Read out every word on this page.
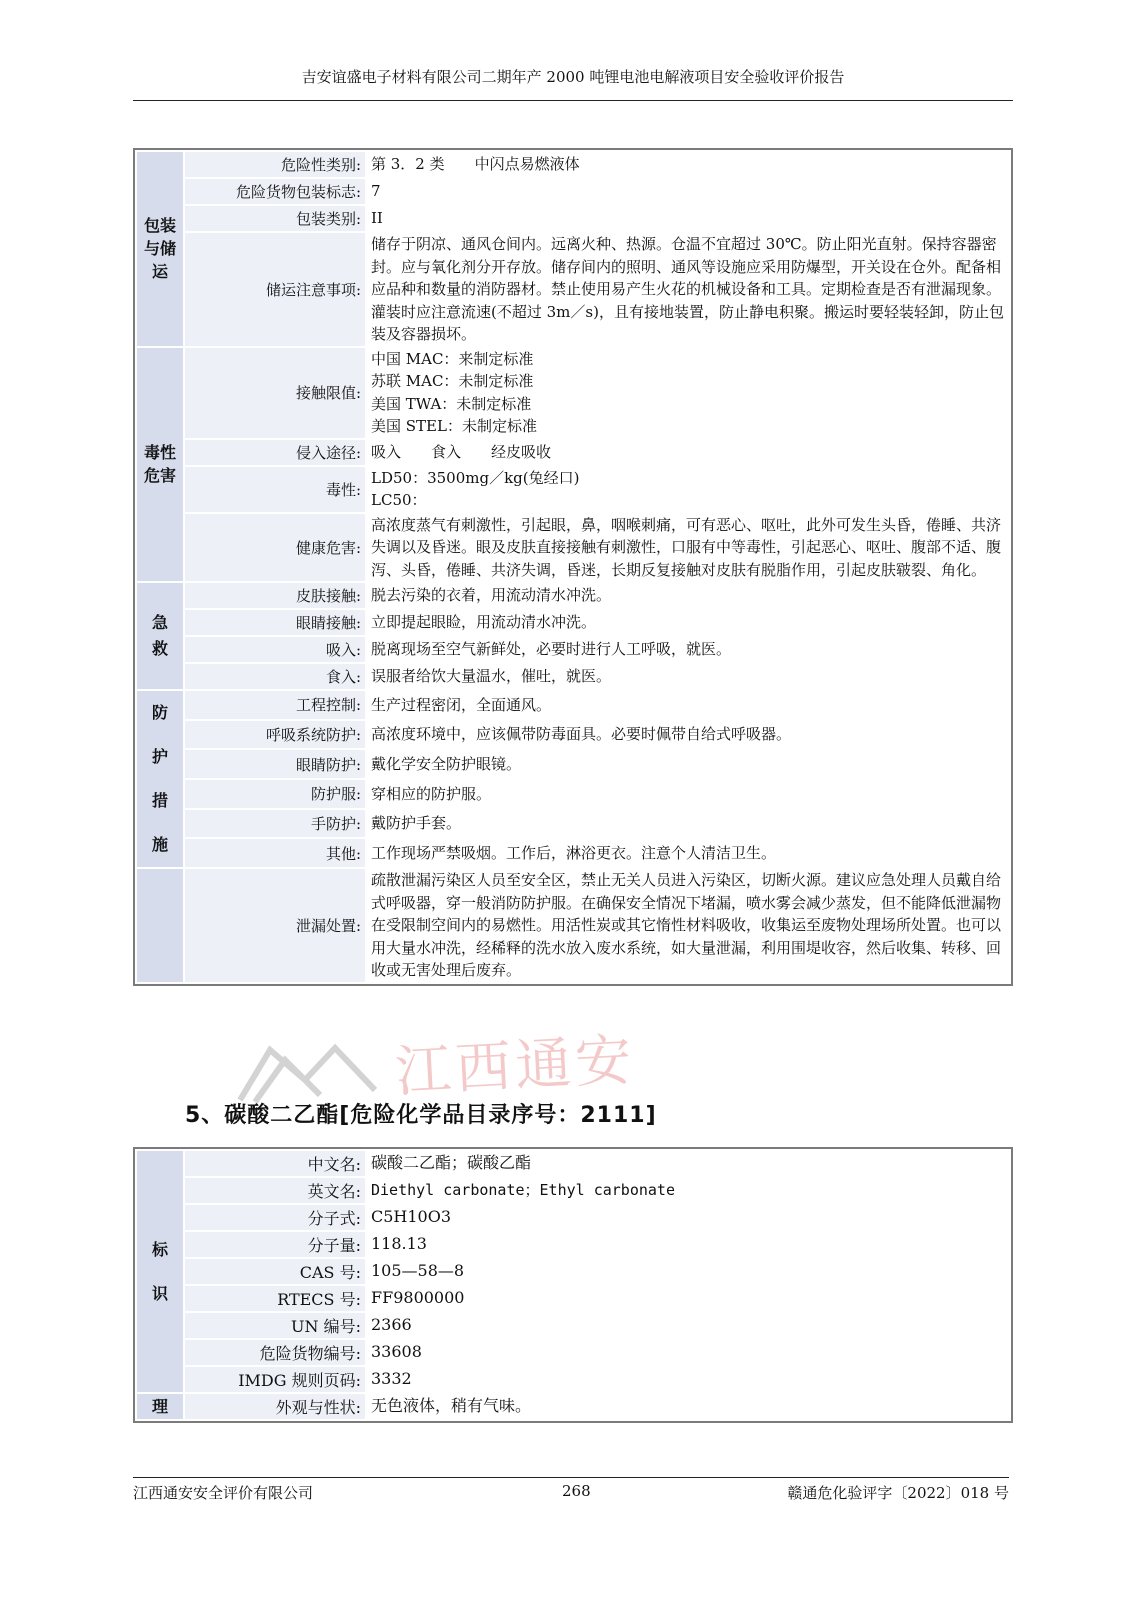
吉安谊盛电子材料有限公司二期年产 2000 吨锂电池电解液项目安全验收评价报告
江西通安
包装与储运	危险性类别:	第 3．2 类 中闪点易燃液体
	危险货物包装标志:	7
	包装类别:	II
	储运注意事项:	储存于阴凉、通风仓间内。远离火种、热源。仓温不宜超过 30℃。防止阳光直射。保持容器密封。应与氧化剂分开存放。储存间内的照明、通风等设施应采用防爆型，开关设在仓外。配备相应品种和数量的消防器材。禁止使用易产生火花的机械设备和工具。定期检查是否有泄漏现象。灌装时应注意流速(不超过 3m／s)，且有接地装置，防止静电积聚。搬运时要轻装轻卸，防止包装及容器损坏。
毒性危害	接触限值:	中国 MAC：来制定标准
苏联 MAC：未制定标准
美国 TWA：未制定标准
美国 STEL：未制定标准

	侵入途径:	吸入 食入 经皮吸收
	毒性:	LD50：3500mg／kg(兔经口)
LC50：

	健康危害:	高浓度蒸气有刺激性，引起眼，鼻，咽喉刺痛，可有恶心、呕吐，此外可发生头昏，倦睡、共济失调以及昏迷。眼及皮肤直接接触有刺激性，口服有中等毒性，引起恶心、呕吐、腹部不适、腹泻、头昏，倦睡、共济失调，昏迷，长期反复接触对皮肤有脱脂作用，引起皮肤皲裂、角化。

急救	皮肤接触:	脱去污染的衣着，用流动清水冲洗。
	眼睛接触:	立即提起眼睑，用流动清水冲洗。
	吸入:	脱离现场至空气新鲜处，必要时进行人工呼吸，就医。
	食入:	误服者给饮大量温水，催吐，就医。

防护措施	工程控制:	生产过程密闭，全面通风。
	呼吸系统防护:	高浓度环境中，应该佩带防毒面具。必要时佩带自给式呼吸器。
	眼睛防护:	戴化学安全防护眼镜。
	防护服:	穿相应的防护服。
	手防护:	戴防护手套。
	其他:	工作现场严禁吸烟。工作后，淋浴更衣。注意个人清洁卫生。
	泄漏处置:	疏散泄漏污染区人员至安全区，禁止无关人员进入污染区，切断火源。建议应急处理人员戴自给式呼吸器，穿一般消防防护服。在确保安全情况下堵漏，喷水雾会减少蒸发，但不能降低泄漏物在受限制空间内的易燃性。用活性炭或其它惰性材料吸收，收集运至废物处理场所处置。也可以用大量水冲洗，经稀释的洗水放入废水系统，如大量泄漏，利用围堤收容，然后收集、转移、回收或无害处理后废弃。
5、碳酸二乙酯[危险化学品目录序号：2111]
标识	中文名:	碳酸二乙酯；碳酸乙酯
	英文名:	Diethyl carbonate；Ethyl carbonate
	分子式:	C5H10O3
	分子量:	118.13
	CAS 号:	105—58—8
	RTECS 号:	FF9800000
	UN 编号:	2366
	危险货物编号:	33608
	IMDG 规则页码:	3332
理	外观与性状:	无色液体，稍有气味。
江西通安安全评价有限公司	268	赣通危化验评字〔2022〕018 号
